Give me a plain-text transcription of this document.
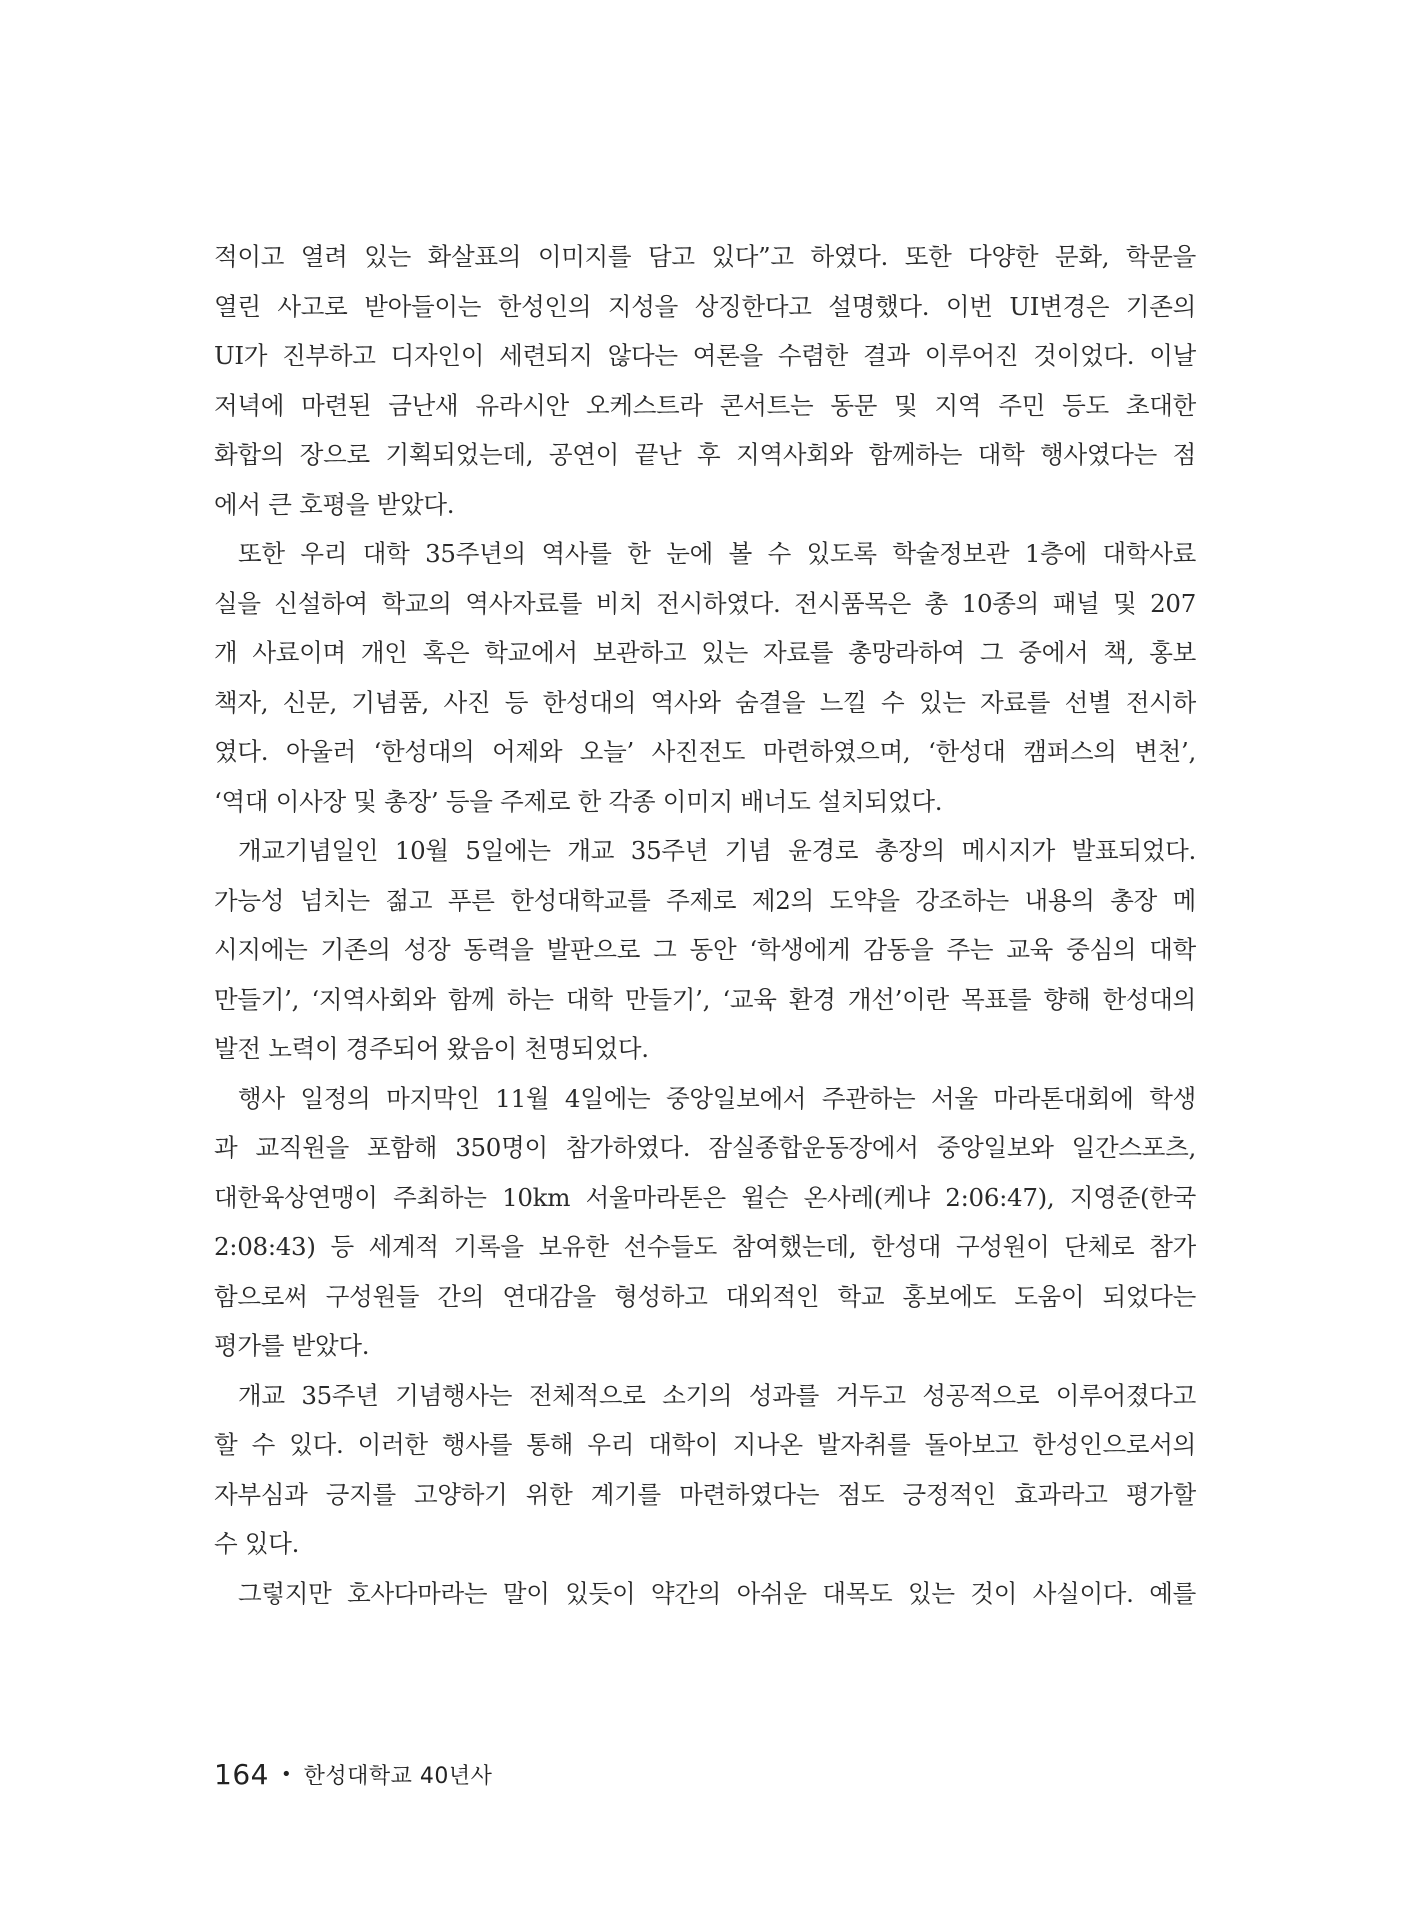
적이고 열려 있는 화살표의 이미지를 담고 있다”고 하였다. 또한 다양한 문화, 학문을
열린 사고로 받아들이는 한성인의 지성을 상징한다고 설명했다. 이번 UI변경은 기존의
UI가 진부하고 디자인이 세련되지 않다는 여론을 수렴한 결과 이루어진 것이었다. 이날
저녁에 마련된 금난새 유라시안 오케스트라 콘서트는 동문 및 지역 주민 등도 초대한
화합의 장으로 기획되었는데, 공연이 끝난 후 지역사회와 함께하는 대학 행사였다는 점
에서 큰 호평을 받았다.

또한 우리 대학 35주년의 역사를 한 눈에 볼 수 있도록 학술정보관 1층에 대학사료
실을 신설하여 학교의 역사자료를 비치 전시하였다. 전시품목은 총 10종의 패널 및 207
개 사료이며 개인 혹은 학교에서 보관하고 있는 자료를 총망라하여 그 중에서 책, 홍보
책자, 신문, 기념품, 사진 등 한성대의 역사와 숨결을 느낄 수 있는 자료를 선별 전시하
였다. 아울러 ‘한성대의 어제와 오늘’ 사진전도 마련하였으며, ‘한성대 캠퍼스의 변천’,
‘역대 이사장 및 총장’ 등을 주제로 한 각종 이미지 배너도 설치되었다.

개교기념일인 10월 5일에는 개교 35주년 기념 윤경로 총장의 메시지가 발표되었다.
가능성 넘치는 젊고 푸른 한성대학교를 주제로 제2의 도약을 강조하는 내용의 총장 메
시지에는 기존의 성장 동력을 발판으로 그 동안 ‘학생에게 감동을 주는 교육 중심의 대학
만들기’, ‘지역사회와 함께 하는 대학 만들기’, ‘교육 환경 개선’이란 목표를 향해 한성대의
발전 노력이 경주되어 왔음이 천명되었다.

행사 일정의 마지막인 11월 4일에는 중앙일보에서 주관하는 서울 마라톤대회에 학생
과 교직원을 포함해 350명이 참가하였다. 잠실종합운동장에서 중앙일보와 일간스포츠,
대한육상연맹이 주최하는 10km 서울마라톤은 윌슨 온사레(케냐 2:06:47), 지영준(한국
2:08:43) 등 세계적 기록을 보유한 선수들도 참여했는데, 한성대 구성원이 단체로 참가
함으로써 구성원들 간의 연대감을 형성하고 대외적인 학교 홍보에도 도움이 되었다는
평가를 받았다.

개교 35주년 기념행사는 전체적으로 소기의 성과를 거두고 성공적으로 이루어졌다고
할 수 있다. 이러한 행사를 통해 우리 대학이 지나온 발자취를 돌아보고 한성인으로서의
자부심과 긍지를 고양하기 위한 계기를 마련하였다는 점도 긍정적인 효과라고 평가할
수 있다.

그렇지만 호사다마라는 말이 있듯이 약간의 아쉬운 대목도 있는 것이 사실이다. 예를

164 • 한성대학교 40년사
